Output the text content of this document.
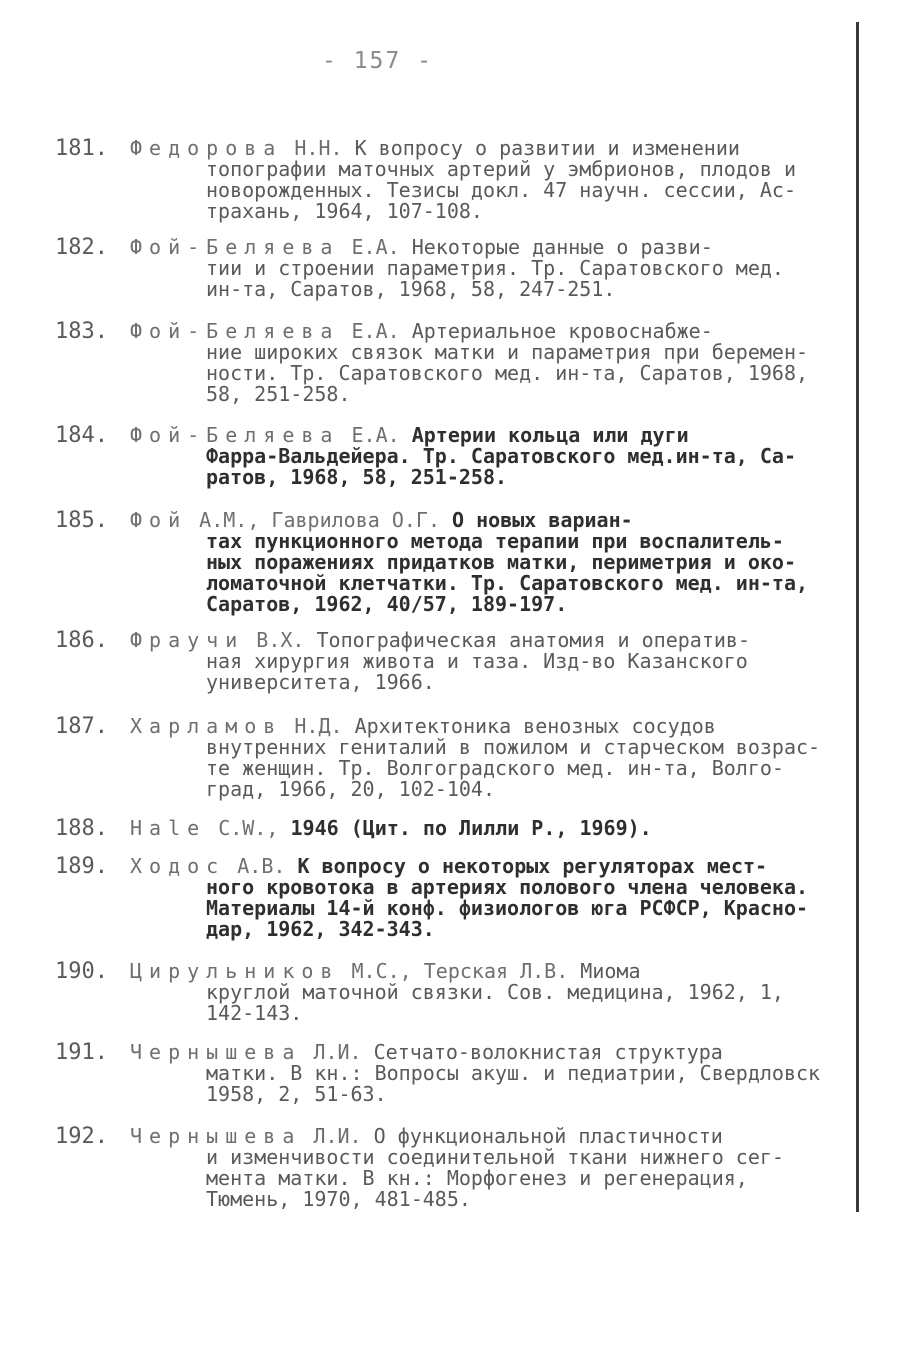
- 157 -
181. Федорова Н.Н. К вопросу о развитии и изменении
топографии маточных артерий у эмбрионов, плодов и
новорожденных. Тезисы докл. 47 научн. сессии, Ас-
трахань, 1964, 107-108.
182. Фой-Беляева Е.А. Некоторые данные о разви-
тии и строении параметрия. Тр. Саратовского мед.
ин-та, Саратов, 1968, 58, 247-251.
183. Фой-Беляева Е.А. Артериальное кровоснабже-
ние широких связок матки и параметрия при беремен-
ности. Тр. Саратовского мед. ин-та, Саратов, 1968,
58, 251-258.
184. Фой-Беляева Е.А. Артерии кольца или дуги
Фарра-Вальдейера. Тр. Саратовского мед.ин-та, Са-
ратов, 1968, 58, 251-258.
185. Фой А.М., Гаврилова О.Г. О новых вариан-
тах пункционного метода терапии при воспалитель-
ных поражениях придатков матки, периметрия и око-
ломаточной клетчатки. Тр. Саратовского мед. ин-та,
Саратов, 1962, 40/57, 189-197.
186. Фраучи В.Х. Топографическая анатомия и оператив-
ная хирургия живота и таза. Изд-во Казанского
университета, 1966.
187. Харламов Н.Д. Архитектоника венозных сосудов
внутренних гениталий в пожилом и старческом возрас-
те женщин. Тр. Волгоградского мед. ин-та, Волго-
град, 1966, 20, 102-104.
188. Hale C.W., 1946 (Цит. по Лилли Р., 1969).
189. Ходос А.В. К вопросу о некоторых регуляторах мест-
ного кровотока в артериях полового члена человека.
Материалы 14-й конф. физиологов юга РСФСР, Красно-
дар, 1962, 342-343.
190. Цирульников М.С., Терская Л.В. Миома
круглой маточной связки. Сов. медицина, 1962, 1,
142-143.
191. Чернышева Л.И. Сетчато-волокнистая структура
матки. В кн.: Вопросы акуш. и педиатрии, Свердловск
1958, 2, 51-63.
192. Чернышева Л.И. О функциональной пластичности
и изменчивости соединительной ткани нижнего сег-
мента матки. В кн.: Морфогенез и регенерация,
Тюмень, 1970, 481-485.
